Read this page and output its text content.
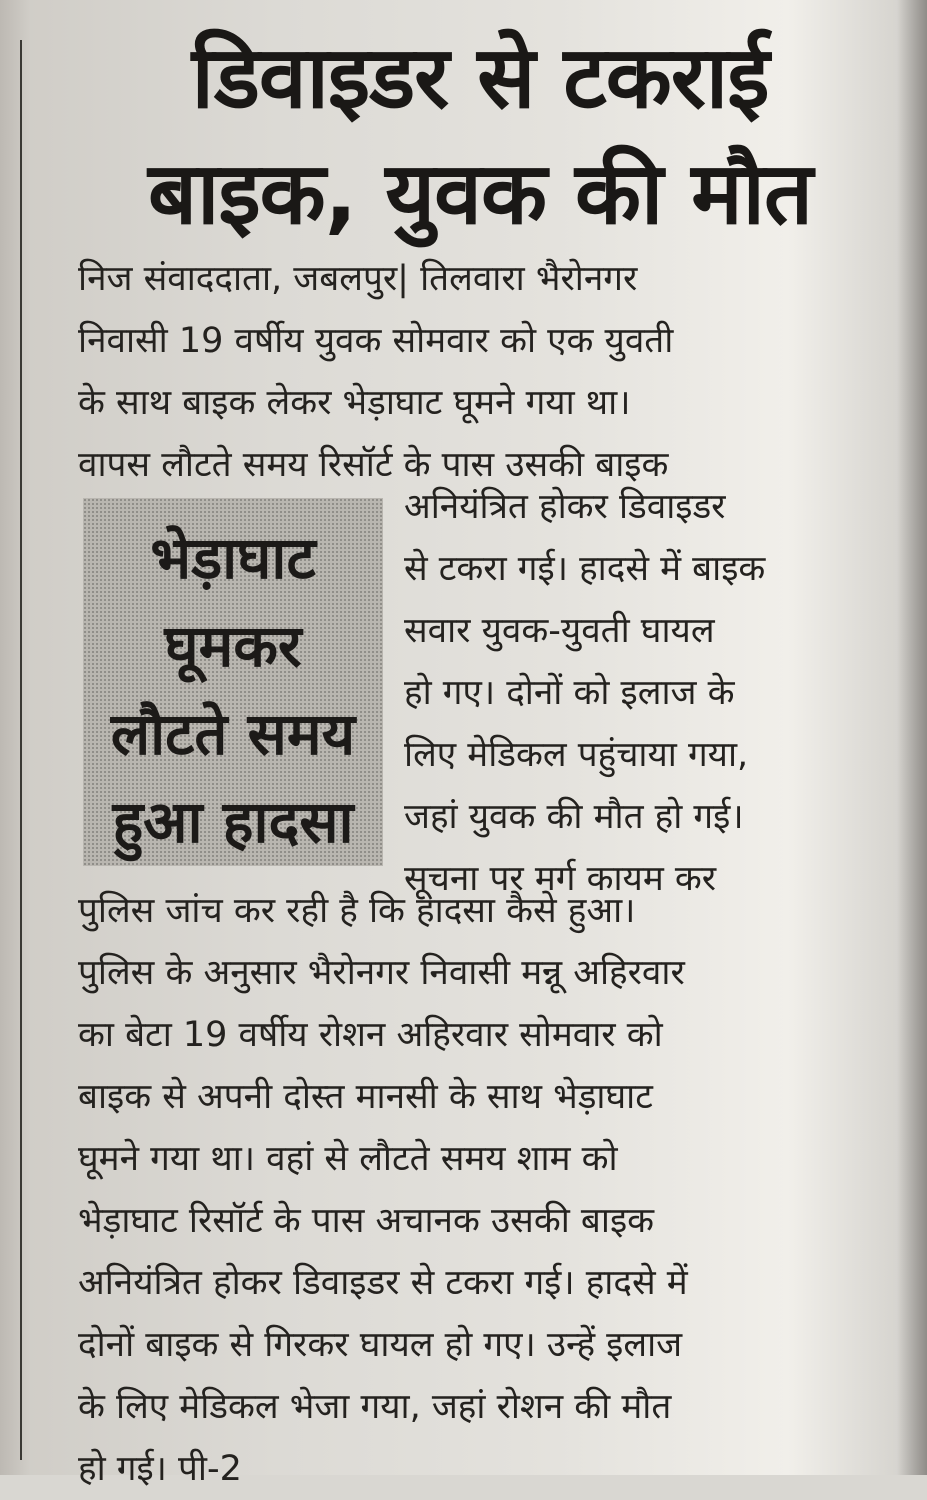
डिवाइडर से टकराई
बाइक, युवक की मौत
निज संवाददाता, जबलपुर| तिलवारा भैरोनगर
निवासी 19 वर्षीय युवक सोमवार को एक युवती
के साथ बाइक लेकर भेड़ाघाट घूमने गया था।
वापस लौटते समय रिसॉर्ट के पास उसकी बाइक
भेड़ाघाट
घूमकर
लौटते समय
हुआ हादसा
अनियंत्रित होकर डिवाइडर
से टकरा गई। हादसे में बाइक
सवार युवक-युवती घायल
हो गए। दोनों को इलाज के
लिए मेडिकल पहुंचाया गया,
जहां युवक की मौत हो गई।
सूचना पर मर्ग कायम कर
पुलिस जांच कर रही है कि हादसा कैसे हुआ।
पुलिस के अनुसार भैरोनगर निवासी मन्नू अहिरवार
का बेटा 19 वर्षीय रोशन अहिरवार सोमवार को
बाइक से अपनी दोस्त मानसी के साथ भेड़ाघाट
घूमने गया था। वहां से लौटते समय शाम को
भेड़ाघाट रिसॉर्ट के पास अचानक उसकी बाइक
अनियंत्रित होकर डिवाइडर से टकरा गई। हादसे में
दोनों बाइक से गिरकर घायल हो गए। उन्हें इलाज
के लिए मेडिकल भेजा गया, जहां रोशन की मौत
हो गई। पी-2
